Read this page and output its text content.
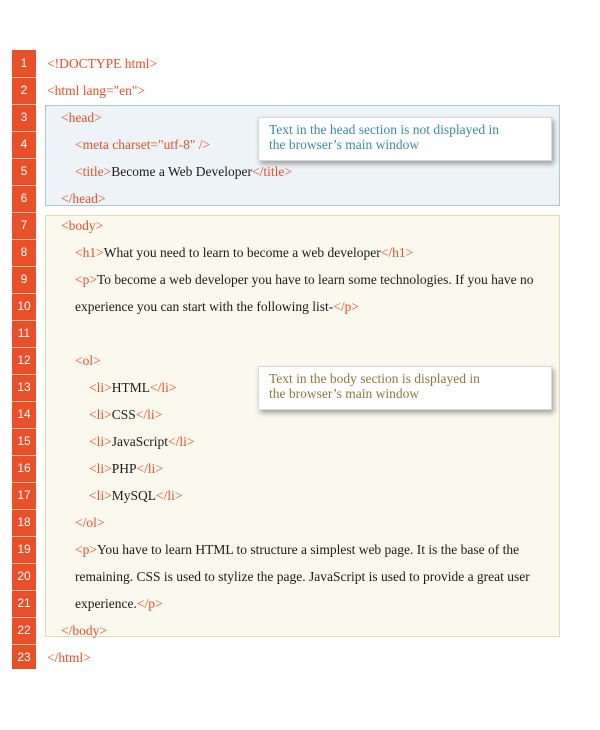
1
2
3
4
5
6
7
8
9
10
11
12
13
14
15
16
17
18
19
20
21
22
23
<!DOCTYPE html>
<html lang="en">
<head>
<meta charset="utf-8" />
<title>Become a Web Developer</title>
</head>
<body>
<h1>What you need to learn to become a web developer</h1>
<p>To become a web developer you have to learn some technologies. If you have no
experience you can start with the following list-</p>
<ol>
<li>HTML</li>
<li>CSS</li>
<li>JavaScript</li>
<li>PHP</li>
<li>MySQL</li>
</ol>
<p>You have to learn HTML to structure a simplest web page. It is the base of the
remaining. CSS is used to stylize the page. JavaScript is used to provide a great user
experience.</p>
</body>
</html>
Text in the head section is not displayed in
the browser’s main window
Text in the body section is displayed in
the browser’s main window
